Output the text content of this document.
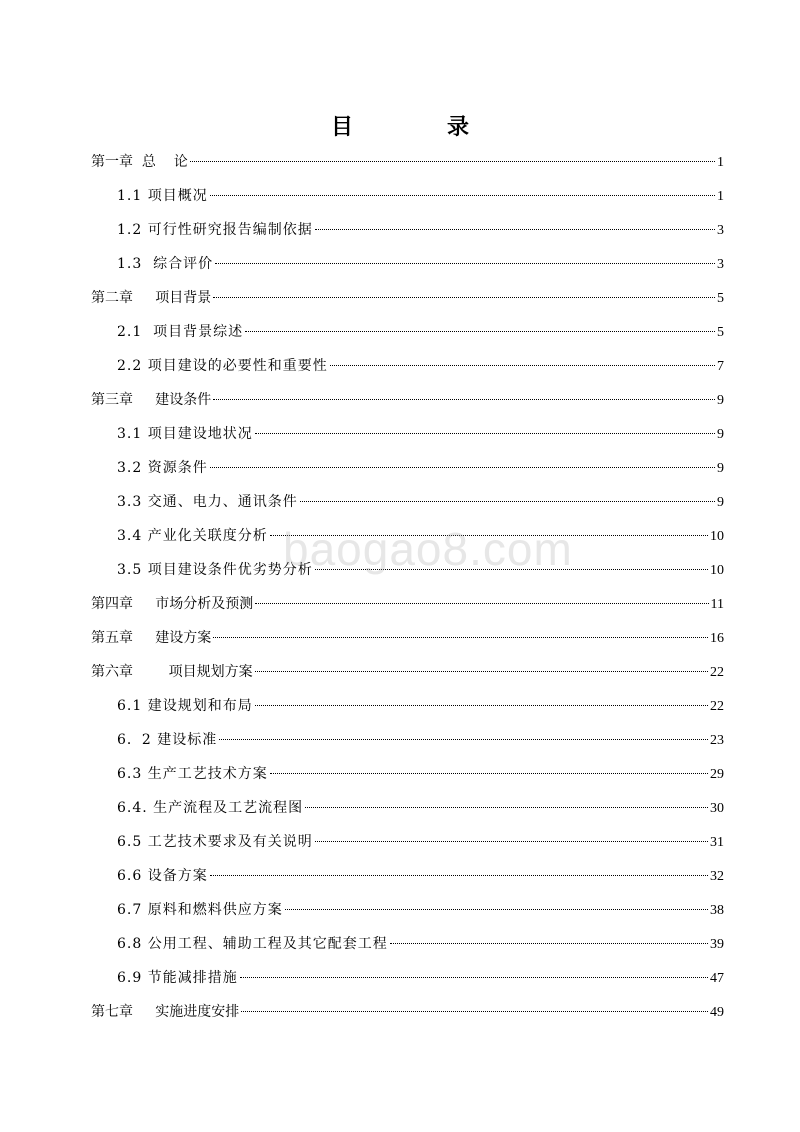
目　录
第一章  总    论	1
1.1 项目概况	1
1.2 可行性研究报告编制依据	3
1.3  综合评价	3
第二章     项目背景	5
2.1  项目背景综述	5
2.2 项目建设的必要性和重要性	7
第三章     建设条件	9
3.1 项目建设地状况	9
3.2 资源条件	9
3.3 交通、电力、通讯条件	9
3.4 产业化关联度分析	10
3.5 项目建设条件优劣势分析	10
第四章     市场分析及预测	11
第五章     建设方案	16
第六章        项目规划方案	22
6.1 建设规划和布局	22
6．2 建设标准	23
6.3 生产工艺技术方案	29
6.4. 生产流程及工艺流程图	30
6.5 工艺技术要求及有关说明	31
6.6 设备方案	32
6.7 原料和燃料供应方案	38
6.8 公用工程、辅助工程及其它配套工程	39
6.9 节能减排措施	47
第七章     实施进度安排	49
baogao8.com
